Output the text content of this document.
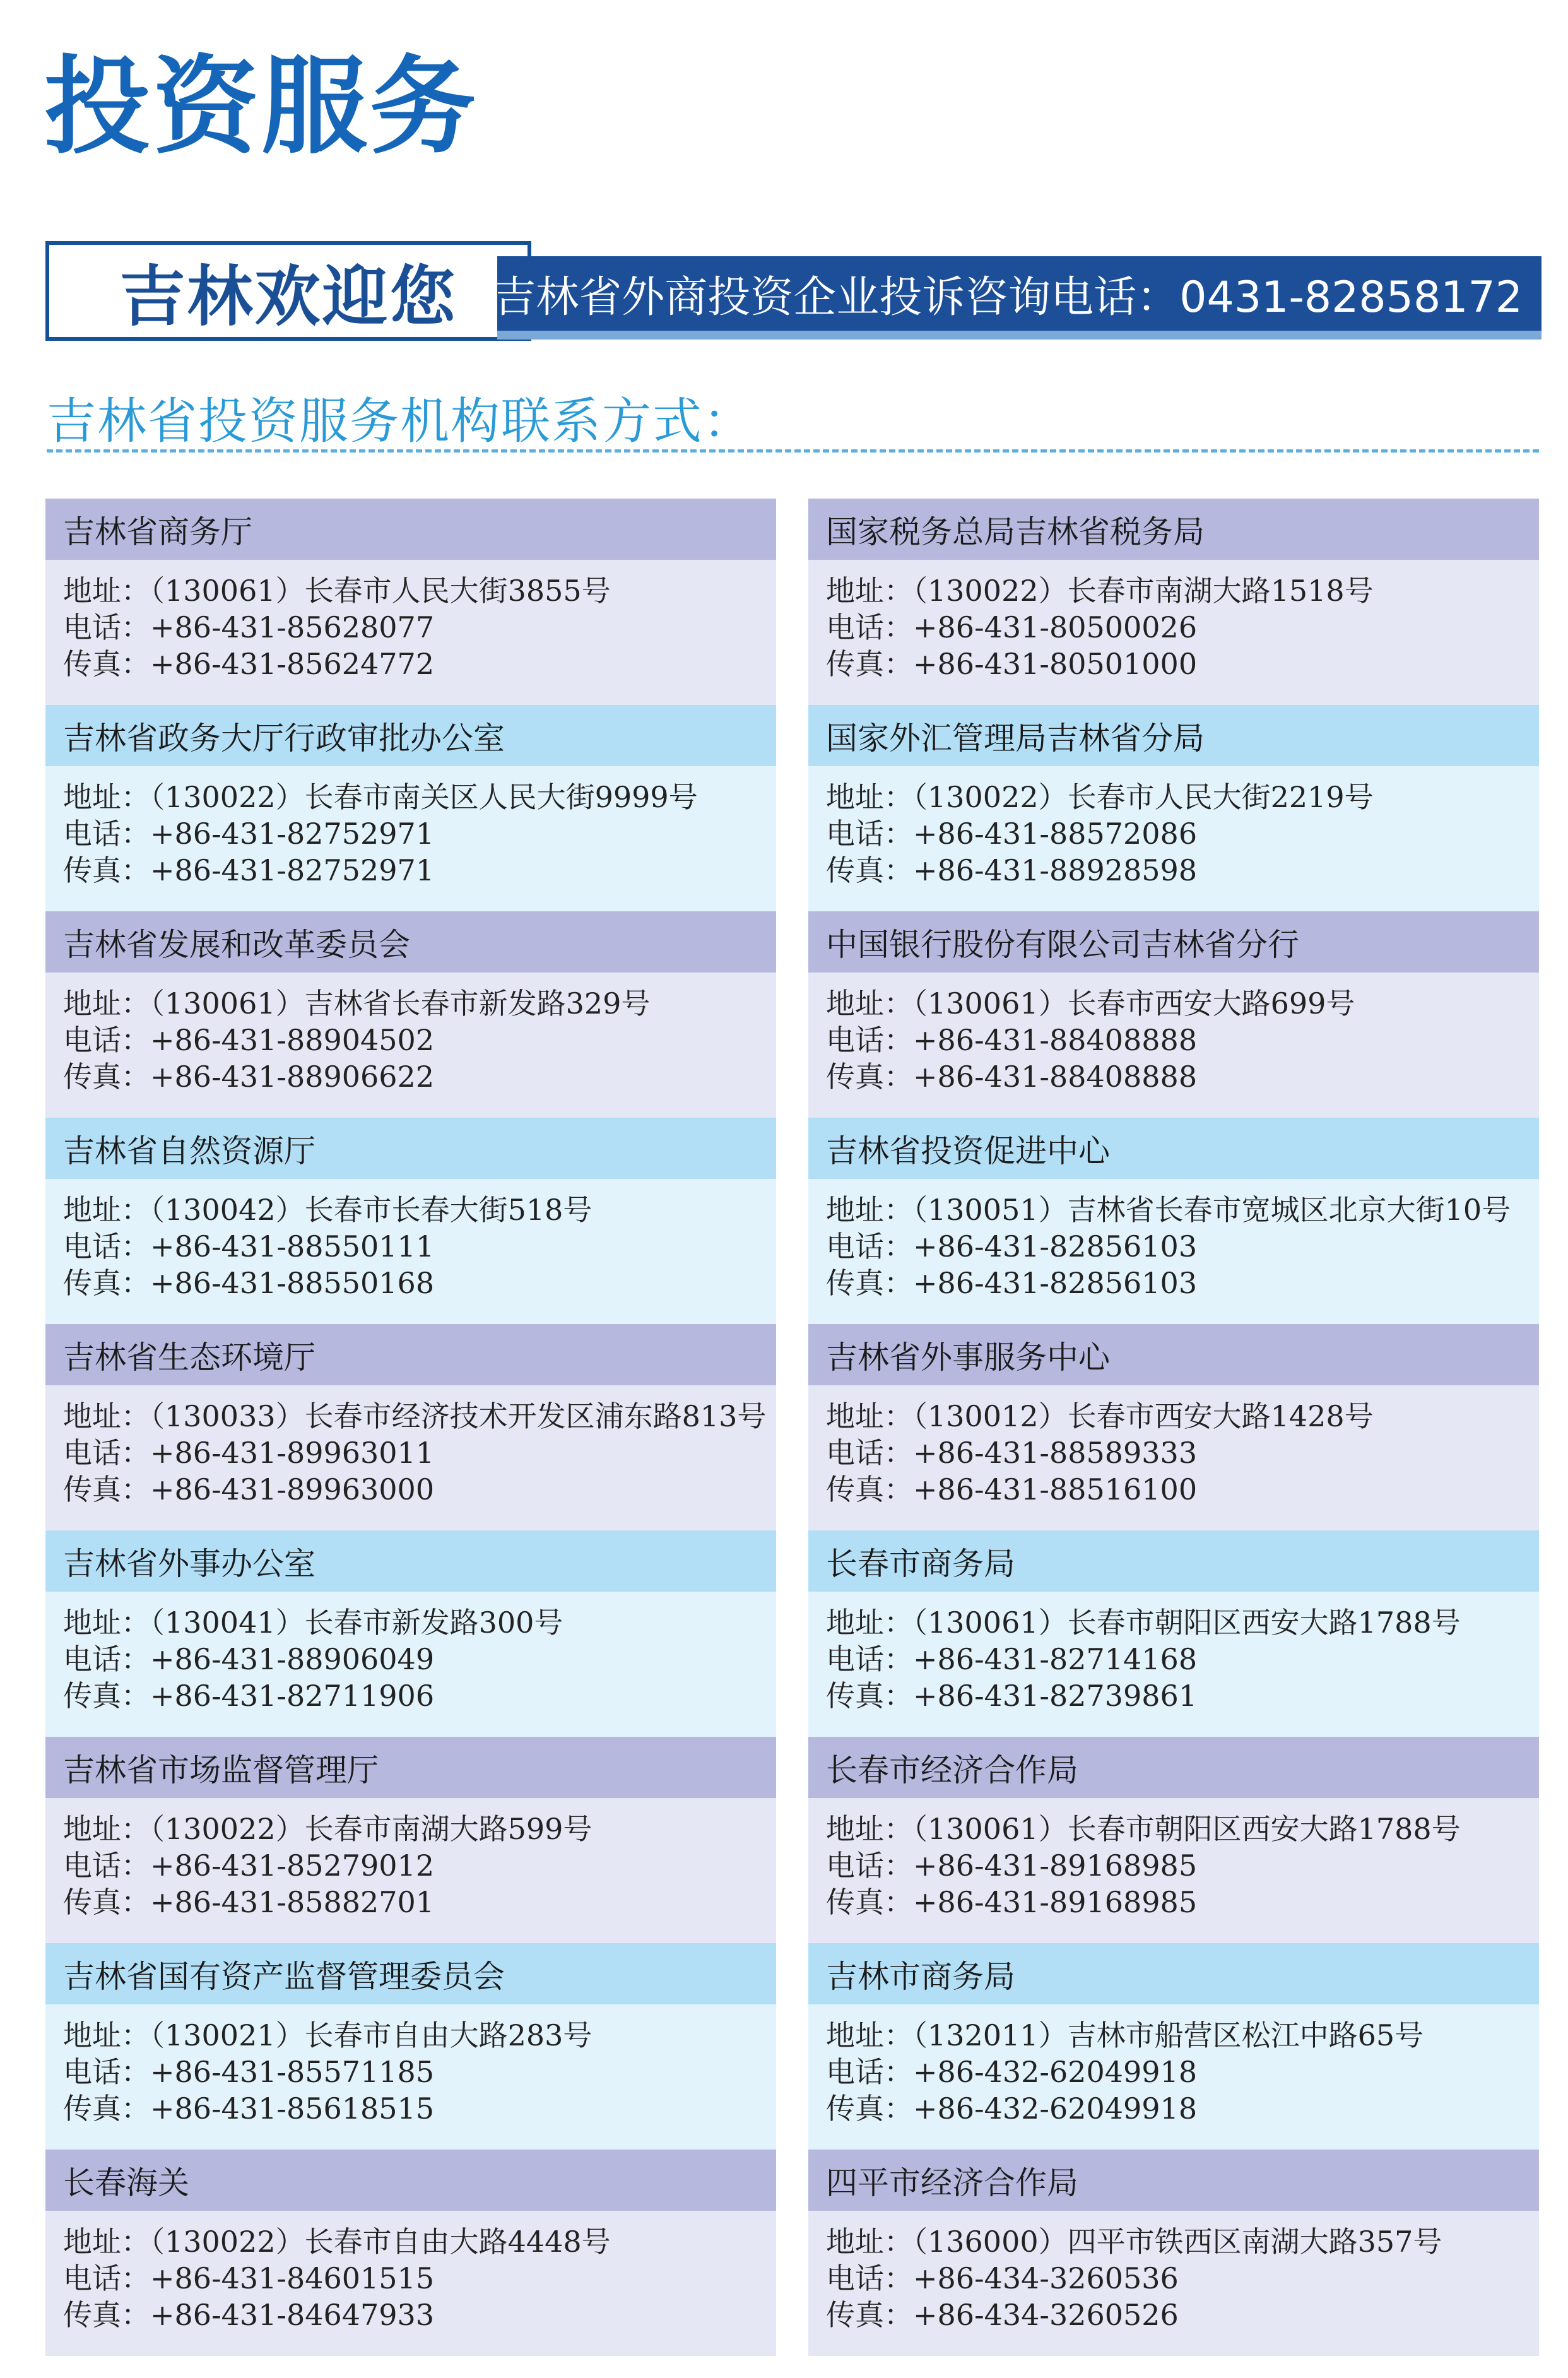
投资服务
吉林欢迎您 吉林省外商投资企业投诉咨询电话：0431-82858172
吉林省投资服务机构联系方式：
吉林省商务厅
地址：（130061）长春市人民大街3855号
电话：+86-431-85628077
传真：+86-431-85624772
吉林省政务大厅行政审批办公室
地址：（130022）长春市南关区人民大街9999号
电话：+86-431-82752971
传真：+86-431-82752971
吉林省发展和改革委员会
地址：（130061）吉林省长春市新发路329号
电话：+86-431-88904502
传真：+86-431-88906622
吉林省自然资源厅
地址：（130042）长春市长春大街518号
电话：+86-431-88550111
传真：+86-431-88550168
吉林省生态环境厅
地址：（130033）长春市经济技术开发区浦东路813号
电话：+86-431-89963011
传真：+86-431-89963000
吉林省外事办公室
地址：（130041）长春市新发路300号
电话：+86-431-88906049
传真：+86-431-82711906
吉林省市场监督管理厅
地址：（130022）长春市南湖大路599号
电话：+86-431-85279012
传真：+86-431-85882701
吉林省国有资产监督管理委员会
地址：（130021）长春市自由大路283号
电话：+86-431-85571185
传真：+86-431-85618515
长春海关
地址：（130022）长春市自由大路4448号
电话：+86-431-84601515
传真：+86-431-84647933
国家税务总局吉林省税务局
地址：（130022）长春市南湖大路1518号
电话：+86-431-80500026
传真：+86-431-80501000
国家外汇管理局吉林省分局
地址：（130022）长春市人民大街2219号
电话：+86-431-88572086
传真：+86-431-88928598
中国银行股份有限公司吉林省分行
地址：（130061）长春市西安大路699号
电话：+86-431-88408888
传真：+86-431-88408888
吉林省投资促进中心
地址：（130051）吉林省长春市宽城区北京大街10号
电话：+86-431-82856103
传真：+86-431-82856103
吉林省外事服务中心
地址：（130012）长春市西安大路1428号
电话：+86-431-88589333
传真：+86-431-88516100
长春市商务局
地址：（130061）长春市朝阳区西安大路1788号
电话：+86-431-82714168
传真：+86-431-82739861
长春市经济合作局
地址：（130061）长春市朝阳区西安大路1788号
电话：+86-431-89168985
传真：+86-431-89168985
吉林市商务局
地址：（132011）吉林市船营区松江中路65号
电话：+86-432-62049918
传真：+86-432-62049918
四平市经济合作局
地址：（136000）四平市铁西区南湖大路357号
电话：+86-434-3260536
传真：+86-434-3260526
